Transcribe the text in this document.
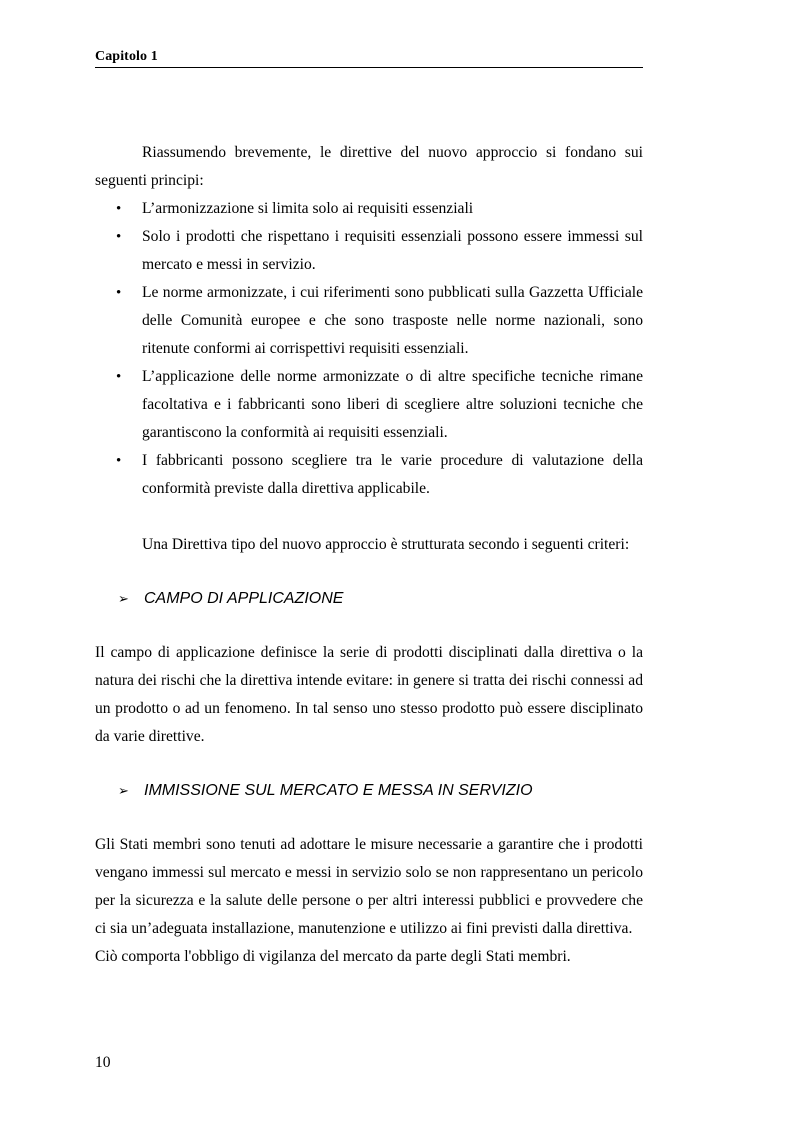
Capitolo 1

Riassumendo brevemente, le direttive del nuovo approccio si fondano sui seguenti principi:

• L’armonizzazione si limita solo ai requisiti essenziali
• Solo i prodotti che rispettano i requisiti essenziali possono essere immessi sul mercato e messi in servizio.
• Le norme armonizzate, i cui riferimenti sono pubblicati sulla Gazzetta Ufficiale delle Comunità europee e che sono trasposte nelle norme nazionali, sono ritenute conformi ai corrispettivi requisiti essenziali.
• L’applicazione delle norme armonizzate o di altre specifiche tecniche rimane facoltativa e i fabbricanti sono liberi di scegliere altre soluzioni tecniche che garantiscono la conformità ai requisiti essenziali.
• I fabbricanti possono scegliere tra le varie procedure di valutazione della conformità previste dalla direttiva applicabile.

Una Direttiva tipo del nuovo approccio è strutturata secondo i seguenti criteri:

➢ CAMPO DI APPLICAZIONE

Il campo di applicazione definisce la serie di prodotti disciplinati dalla direttiva o la natura dei rischi che la direttiva intende evitare: in genere si tratta dei rischi connessi ad un prodotto o ad un fenomeno. In tal senso uno stesso prodotto può essere disciplinato da varie direttive.

➢ IMMISSIONE SUL MERCATO E MESSA IN SERVIZIO

Gli Stati membri sono tenuti ad adottare le misure necessarie a garantire che i prodotti vengano immessi sul mercato e messi in servizio solo se non rappresentano un pericolo per la sicurezza e la salute delle persone o per altri interessi pubblici e provvedere che ci sia un’adeguata installazione, manutenzione e utilizzo ai fini previsti dalla direttiva.

Ciò comporta l'obbligo di vigilanza del mercato da parte degli Stati membri.

10
